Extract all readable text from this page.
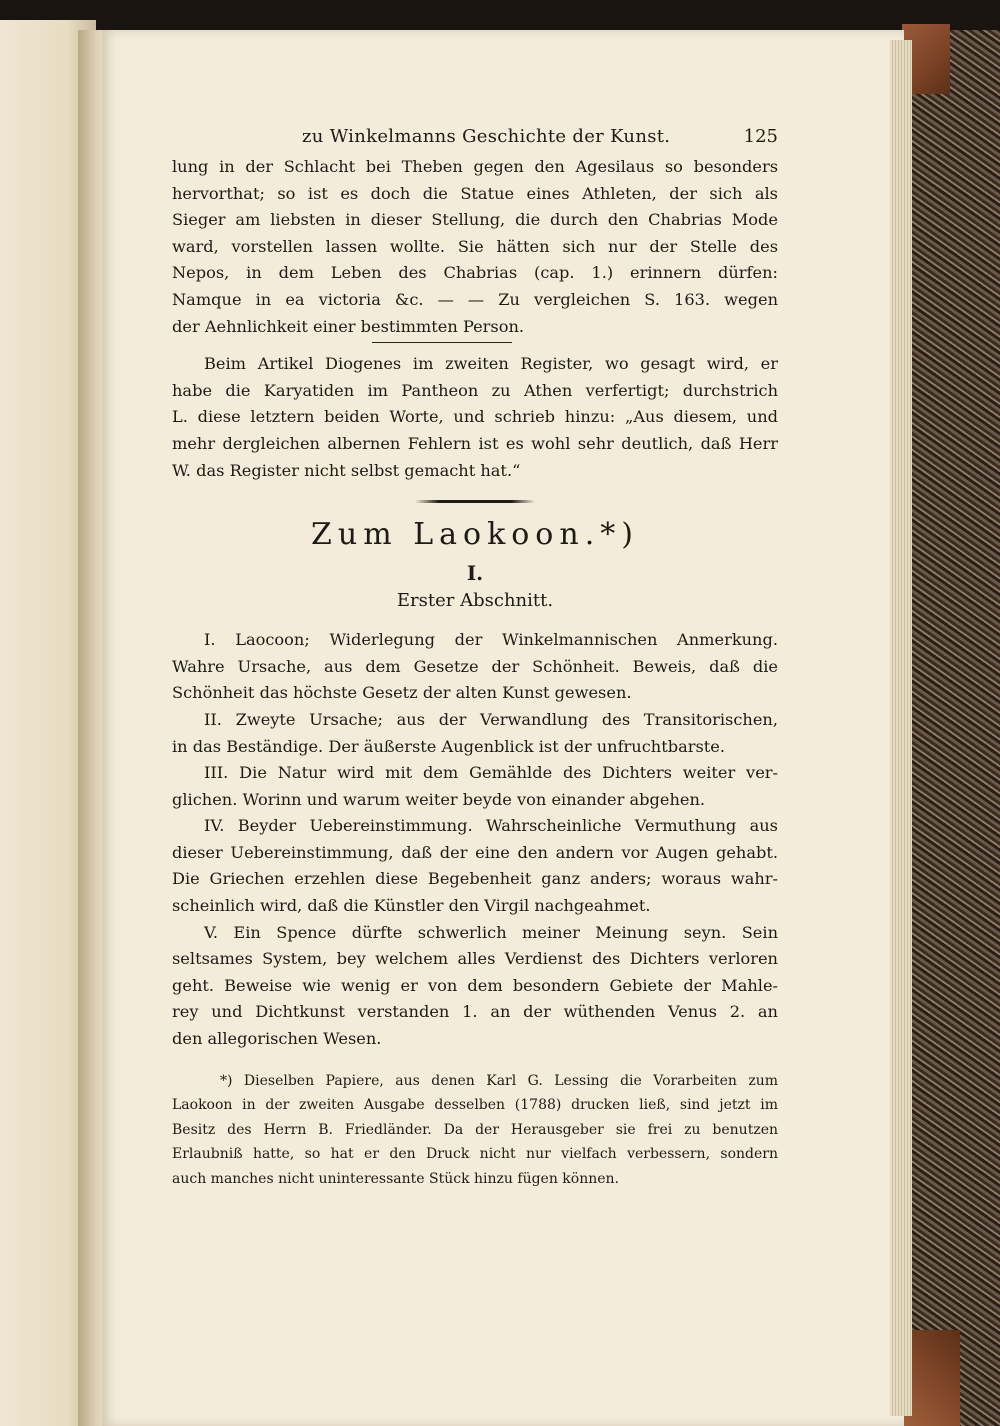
zu Winkelmanns Geschichte der Kunst.	125

lung in der Schlacht bei Theben gegen den Agesilaus so besonders

hervorthat; so ist es doch die Statue eines Athleten, der sich als

Sieger am liebsten in dieser Stellung, die durch den Chabrias Mode

ward, vorstellen lassen wollte. Sie hätten sich nur der Stelle des

Nepos, in dem Leben des Chabrias (cap. 1.) erinnern dürfen:

Namque in ea victoria &c. — — Zu vergleichen S. 163. wegen

der Aehnlichkeit einer bestimmten Person.

Beim Artikel Diogenes im zweiten Register, wo gesagt wird, er

habe die Karyatiden im Pantheon zu Athen verfertigt; durchstrich

L. diese letztern beiden Worte, und schrieb hinzu: „Aus diesem, und

mehr dergleichen albernen Fehlern ist es wohl sehr deutlich, daß Herr

W. das Register nicht selbst gemacht hat.“

Zum Laokoon.*)
I.
Erster Abschnitt.

I. Laocoon; Widerlegung der Winkelmannischen Anmerkung.

Wahre Ursache, aus dem Gesetze der Schönheit. Beweis, daß die

Schönheit das höchste Gesetz der alten Kunst gewesen.

II. Zweyte Ursache; aus der Verwandlung des Transitorischen,

in das Beständige. Der äußerste Augenblick ist der unfruchtbarste.

III. Die Natur wird mit dem Gemählde des Dichters weiter ver-

glichen. Worinn und warum weiter beyde von einander abgehen.

IV. Beyder Uebereinstimmung. Wahrscheinliche Vermuthung aus

dieser Uebereinstimmung, daß der eine den andern vor Augen gehabt.

Die Griechen erzehlen diese Begebenheit ganz anders; woraus wahr-

scheinlich wird, daß die Künstler den Virgil nachgeahmet.

V. Ein Spence dürfte schwerlich meiner Meinung seyn. Sein

seltsames System, bey welchem alles Verdienst des Dichters verloren

geht. Beweise wie wenig er von dem besondern Gebiete der Mahle-

rey und Dichtkunst verstanden 1. an der wüthenden Venus 2. an

den allegorischen Wesen.

*) Dieselben Papiere, aus denen Karl G. Lessing die Vorarbeiten zum

Laokoon in der zweiten Ausgabe desselben (1788) drucken ließ, sind jetzt im

Besitz des Herrn B. Friedländer. Da der Herausgeber sie frei zu benutzen

Erlaubniß hatte, so hat er den Druck nicht nur vielfach verbessern, sondern

auch manches nicht uninteressante Stück hinzu fügen können.
